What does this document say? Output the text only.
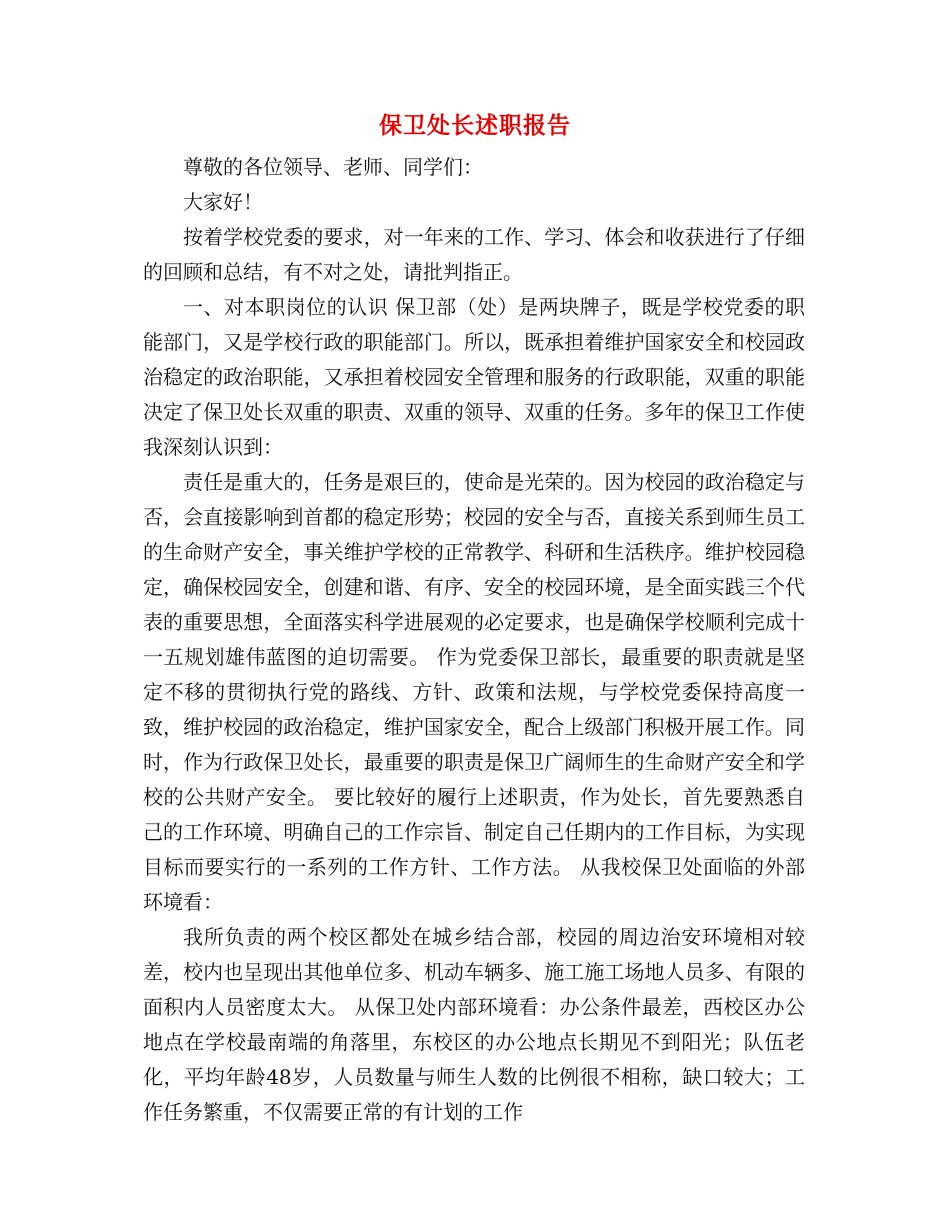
保卫处长述职报告

尊敬的各位领导、老师、同学们：

大家好！

按着学校党委的要求，对一年来的工作、学习、体会和收获进行了仔细的回顾和总结，有不对之处，请批判指正。

一、对本职岗位的认识 保卫部（处）是两块牌子，既是学校党委的职能部门，又是学校行政的职能部门。所以，既承担着维护国家安全和校园政治稳定的政治职能，又承担着校园安全管理和服务的行政职能，双重的职能决定了保卫处长双重的职责、双重的领导、双重的任务。多年的保卫工作使我深刻认识到：

责任是重大的，任务是艰巨的，使命是光荣的。因为校园的政治稳定与否，会直接影响到首都的稳定形势；校园的安全与否，直接关系到师生员工的生命财产安全，事关维护学校的正常教学、科研和生活秩序。维护校园稳定，确保校园安全，创建和谐、有序、安全的校园环境，是全面实践三个代表的重要思想，全面落实科学进展观的必定要求，也是确保学校顺利完成十一五规划雄伟蓝图的迫切需要。 作为党委保卫部长，最重要的职责就是坚定不移的贯彻执行党的路线、方针、政策和法规，与学校党委保持高度一致，维护校园的政治稳定，维护国家安全，配合上级部门积极开展工作。同时，作为行政保卫处长，最重要的职责是保卫广阔师生的生命财产安全和学校的公共财产安全。 要比较好的履行上述职责，作为处长，首先要熟悉自己的工作环境、明确自己的工作宗旨、制定自己任期内的工作目标，为实现目标而要实行的一系列的工作方针、工作方法。 从我校保卫处面临的外部环境看：

我所负责的两个校区都处在城乡结合部，校园的周边治安环境相对较差，校内也呈现出其他单位多、机动车辆多、施工施工场地人员多、有限的面积内人员密度太大。 从保卫处内部环境看：办公条件最差，西校区办公地点在学校最南端的角落里，东校区的办公地点长期见不到阳光；队伍老化，平均年龄48岁，人员数量与师生人数的比例很不相称，缺口较大；工作任务繁重，不仅需要正常的有计划的工作
